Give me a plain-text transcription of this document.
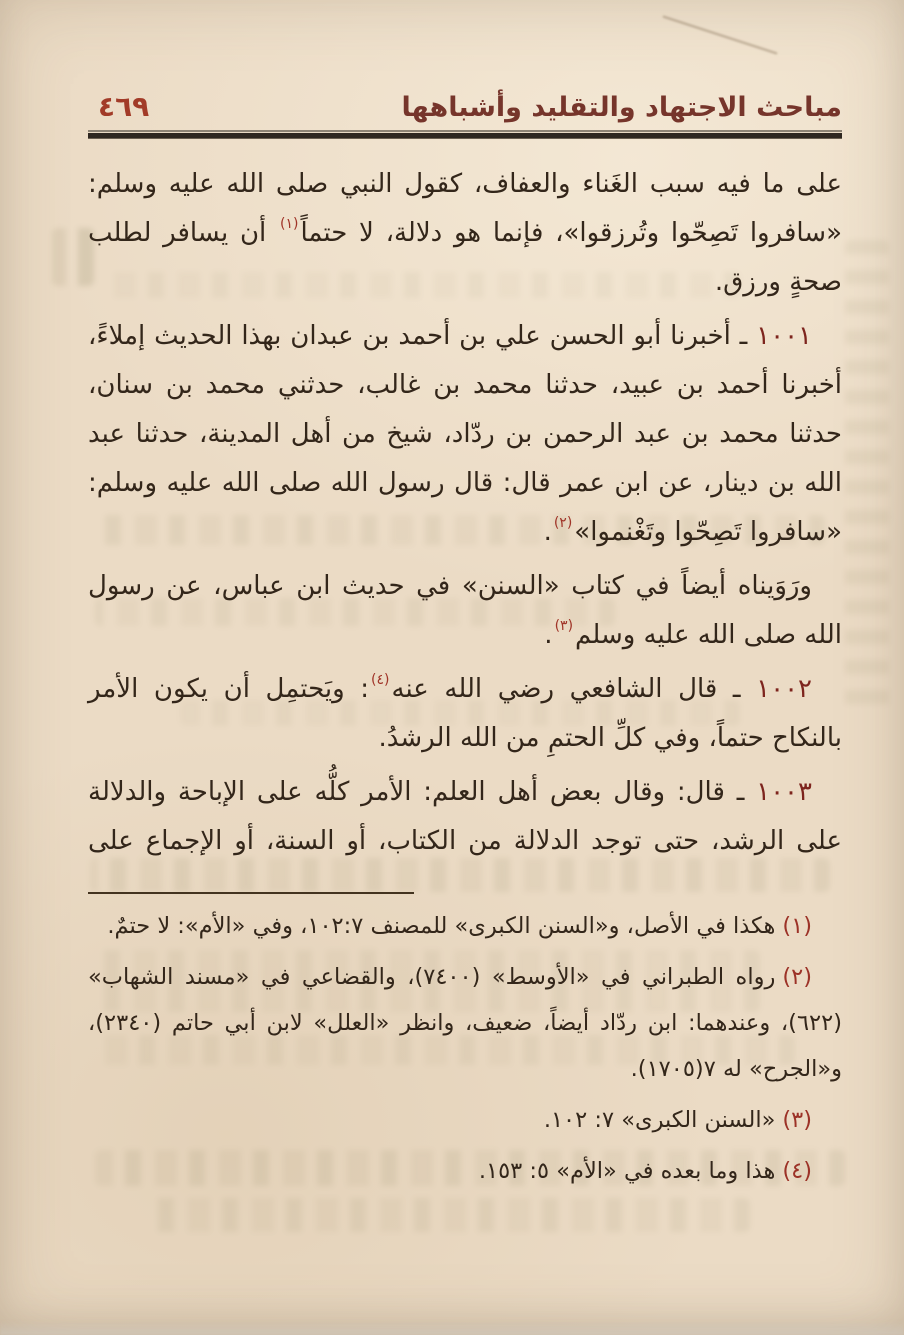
مباحث الاجتهاد والتقليد وأشباهها
٤٦٩

على ما فيه سبب الغَناء والعفاف، كقول النبي صلى الله عليه وسلم: «سافروا تَصِحّوا وتُرزقوا»، فإنما هو دلالة، لا حتماً$^{(١)}$ أن يسافر لطلب صحةٍ ورزق.

١٠٠١ ـ أخبرنا أبو الحسن علي بن أحمد بن عبدان بهذا الحديث إملاءً، أخبرنا أحمد بن عبيد، حدثنا محمد بن غالب، حدثني محمد بن سنان، حدثنا محمد بن عبد الرحمن بن ردّاد، شيخ من أهل المدينة، حدثنا عبد الله بن دينار، عن ابن عمر قال: قال رسول الله صلى الله عليه وسلم: «سافروا تَصِحّوا وتَغْنموا»$^{(٢)}$.

ورَوَيناه أيضاً في كتاب «السنن» في حديث ابن عباس، عن رسول الله صلى الله عليه وسلم$^{(٣)}$.

١٠٠٢ ـ قال الشافعي رضي الله عنه$^{(٤)}$: ويَحتمِل أن يكون الأمر بالنكاح حتماً، وفي كلِّ الحتمِ من الله الرشدُ.

١٠٠٣ ـ قال: وقال بعض أهل العلم: الأمر كلُّه على الإباحة والدلالة على الرشد، حتى توجد الدلالة من الكتاب، أو السنة، أو الإجماع على

(١)هكذا في الأصل، و«السنن الكبرى» للمصنف ٧‏:‏١٠٢، وفي «الأم»: لا حتمٌ.

(٢)رواه الطبراني في «الأوسط» (٧٤٠٠)، والقضاعي في «مسند الشهاب» (٦٢٢)، وعندهما: ابن ردّاد أيضاً، ضعيف، وانظر «العلل» لابن أبي حاتم (٢٣٤٠)، و«الجرح» له ٧(١٧٠٥).

(٣)«السنن الكبرى» ٧: ١٠٢.

(٤)هذا وما بعده في «الأم» ٥: ١٥٣.
